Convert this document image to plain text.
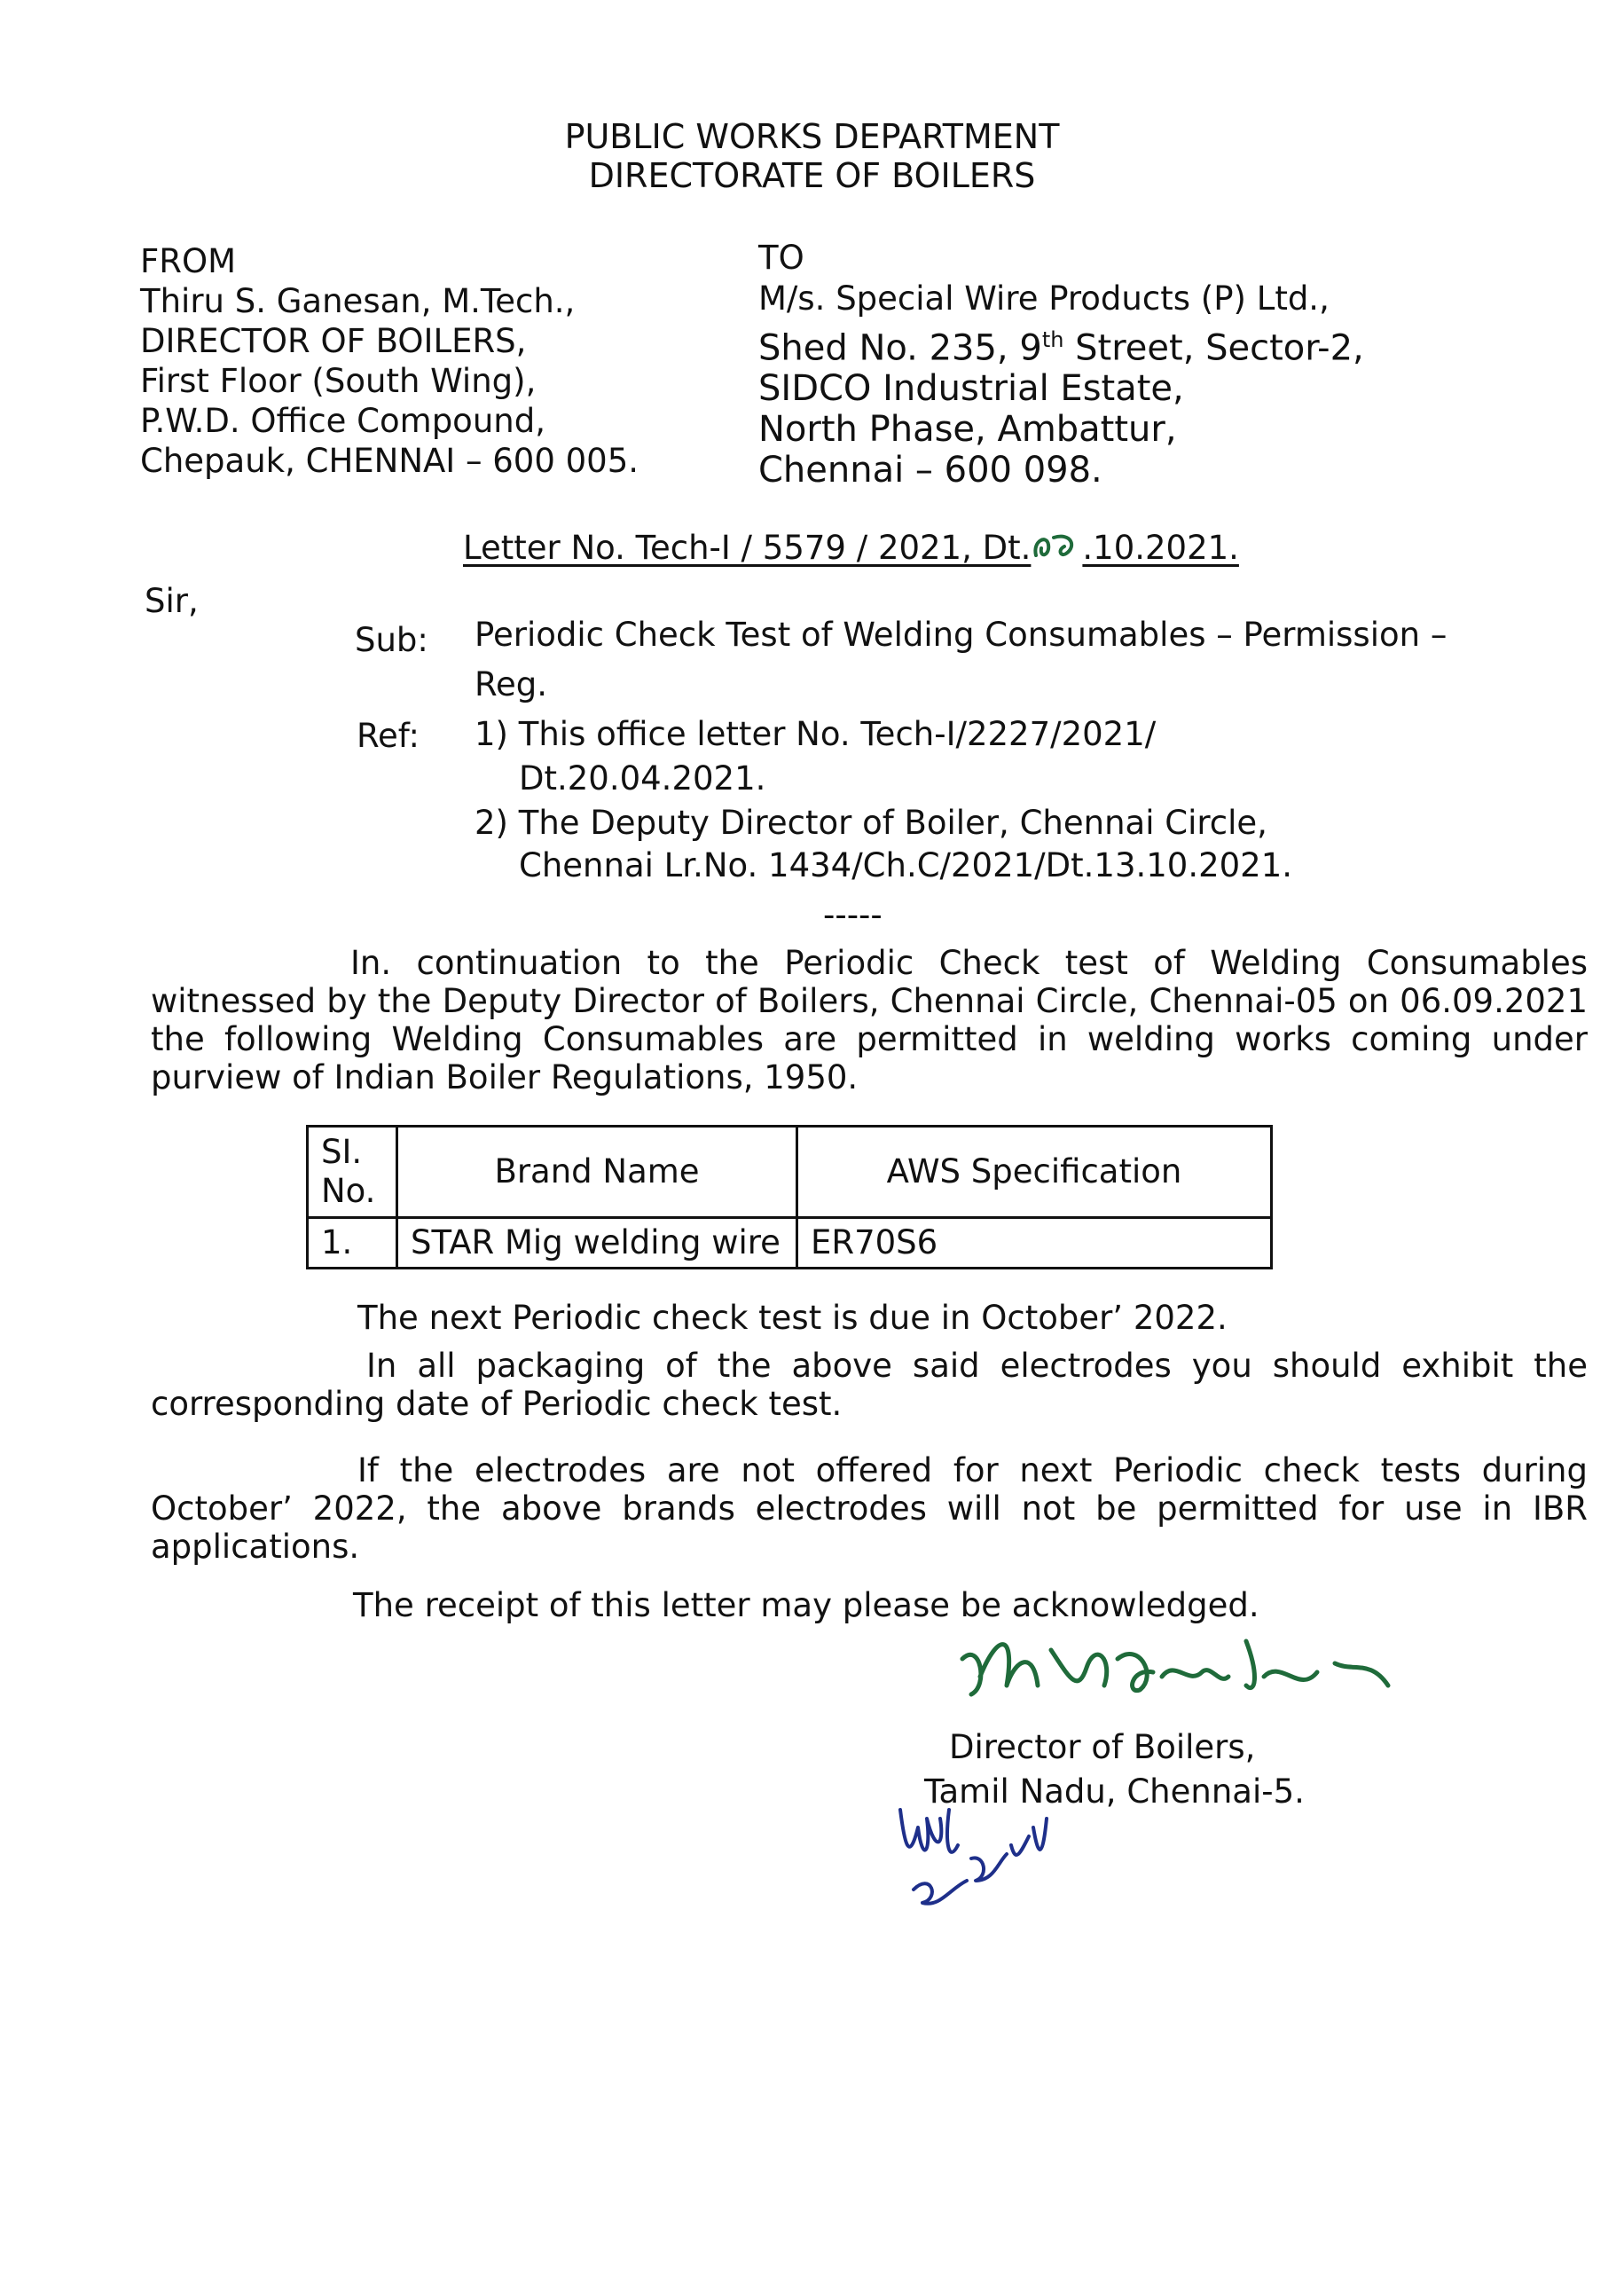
PUBLIC WORKS DEPARTMENT
DIRECTORATE OF BOILERS
FROM
Thiru S. Ganesan, M.Tech.,
DIRECTOR OF BOILERS,
First Floor (South Wing),
P.W.D. Office Compound,
Chepauk, CHENNAI – 600 005.
TO
M/s. Special Wire Products (P) Ltd.,
Shed No. 235, 9th Street, Sector-2,
SIDCO Industrial Estate,
North Phase, Ambattur,
Chennai – 600 098.
Letter No. Tech-I / 5579 / 2021, Dt. .10.2021.
Sir,
Sub: Periodic Check Test of Welding Consumables – Permission –
Reg.
Ref: 1) This office letter No. Tech-I/2227/2021/
Dt.20.04.2021.
2) The Deputy Director of Boiler, Chennai Circle,
Chennai Lr.No. 1434/Ch.C/2021/Dt.13.10.2021.
-----
In. continuation to the Periodic Check test of Welding Consumables
witnessed by the Deputy Director of Boilers, Chennai Circle, Chennai-05 on 06.09.2021
the following Welding Consumables are permitted in welding works coming under
purview of Indian Boiler Regulations, 1950.
SI.
No.	Brand Name	AWS Specification
1.	STAR Mig welding wire	ER70S6
The next Periodic check test is due in October’ 2022.
In all packaging of the above said electrodes you should exhibit the
corresponding date of Periodic check test.
If the electrodes are not offered for next Periodic check tests during
October’ 2022, the above brands electrodes will not be permitted for use in IBR
applications.
The receipt of this letter may please be acknowledged.
Director of Boilers,
Tamil Nadu, Chennai-5.
